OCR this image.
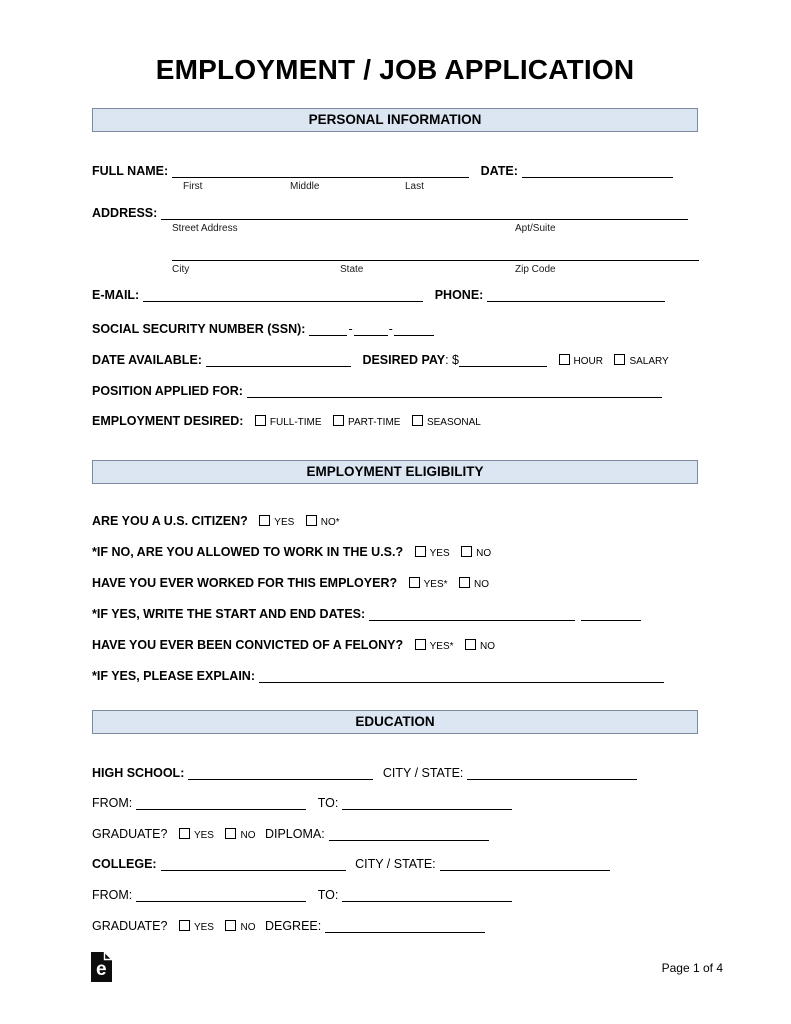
EMPLOYMENT / JOB APPLICATION
PERSONAL INFORMATION
FULL NAME:	DATE:
First	Middle	Last
ADDRESS:
Street Address	Apt/Suite
City	State	Zip Code
E-MAIL:	PHONE:
SOCIAL SECURITY NUMBER (SSN):	-	-
DATE AVAILABLE:	DESIRED PAY: $	HOUR	SALARY
POSITION APPLIED FOR:
EMPLOYMENT DESIRED:	FULL-TIME	PART-TIME	SEASONAL
EMPLOYMENT ELIGIBILITY
ARE YOU A U.S. CITIZEN?	YES	NO*
*IF NO, ARE YOU ALLOWED TO WORK IN THE U.S.?	YES	NO
HAVE YOU EVER WORKED FOR THIS EMPLOYER?	YES*	NO
*IF YES, WRITE THE START AND END DATES:
HAVE YOU EVER BEEN CONVICTED OF A FELONY?	YES*	NO
*IF YES, PLEASE EXPLAIN:
EDUCATION
HIGH SCHOOL:	CITY / STATE:
FROM:	TO:
GRADUATE?	YES	NO DIPLOMA:
COLLEGE:	CITY / STATE:
FROM:	TO:
GRADUATE?	YES	NO DEGREE:
e	Page 1 of 4
